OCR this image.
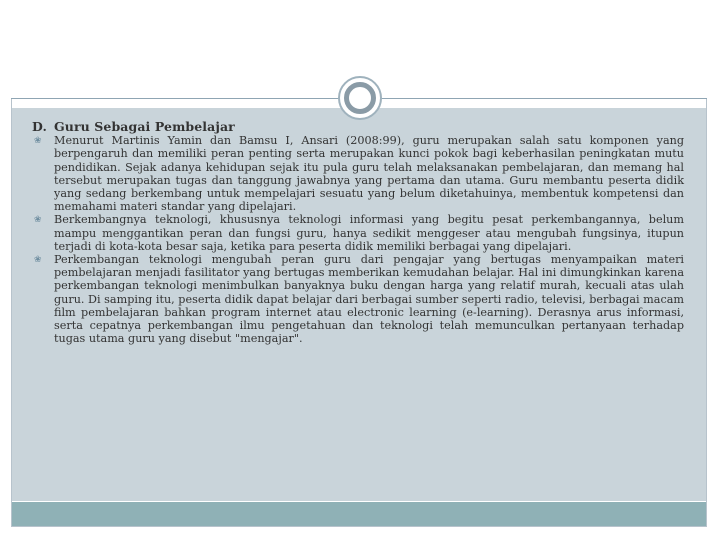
D. Guru Sebagai Pembelajar
❀	Menurut Martinis Yamin dan Bamsu I, Ansari (2008:99), guru merupakan salah satu komponen yang berpengaruh dan memiliki peran penting serta merupakan kunci pokok bagi keberhasilan peningkatan mutu pendidikan. Sejak adanya kehidupan sejak itu pula guru telah melaksanakan pembelajaran, dan memang hal tersebut merupakan tugas dan tanggung jawabnya yang pertama dan utama. Guru membantu peserta didik yang sedang berkembang untuk mempelajari sesuatu yang belum diketahuinya, membentuk kompetensi dan memahami materi standar yang dipelajari.
❀	Berkembangnya teknologi, khususnya teknologi informasi yang begitu pesat perkembangannya, belum mampu menggantikan peran dan fungsi guru, hanya sedikit menggeser atau mengubah fungsinya, itupun terjadi di kota-kota besar saja, ketika para peserta didik memiliki berbagai yang dipelajari.
❀	Perkembangan teknologi mengubah peran guru dari pengajar yang bertugas menyampaikan materi pembelajaran menjadi fasilitator yang bertugas memberikan kemudahan belajar. Hal ini dimungkinkan karena perkembangan teknologi menimbulkan banyaknya buku dengan harga yang relatif murah, kecuali atas ulah guru. Di samping itu, peserta didik dapat belajar dari berbagai sumber seperti radio, televisi, berbagai macam film pembelajaran bahkan program internet atau electronic learning (e-learning). Derasnya arus informasi, serta cepatnya perkembangan ilmu pengetahuan dan teknologi telah memunculkan pertanyaan terhadap tugas utama guru yang disebut "mengajar".
